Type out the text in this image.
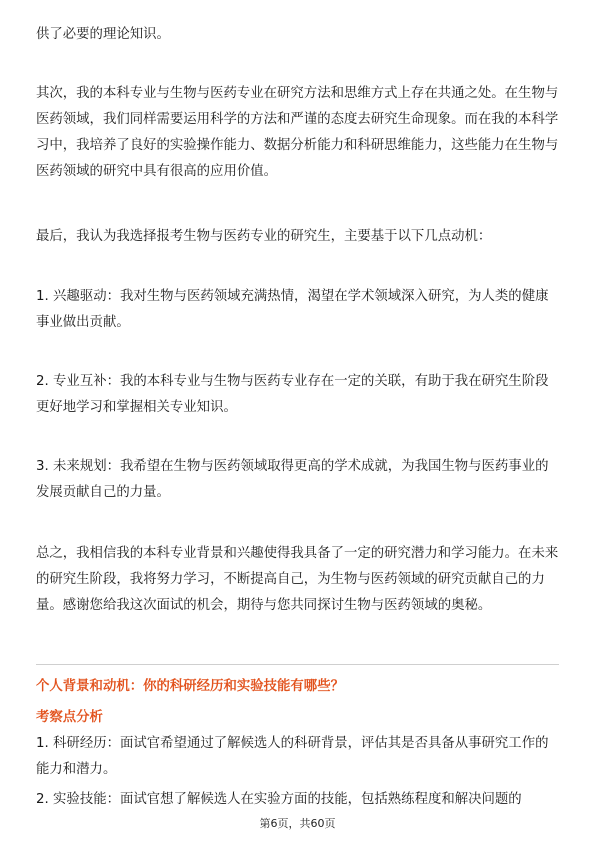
供了必要的理论知识。

其次，我的本科专业与生物与医药专业在研究方法和思维方式上存在共通之处。在生物与医药领域，我们同样需要运用科学的方法和严谨的态度去研究生命现象。而在我的本科学习中，我培养了良好的实验操作能力、数据分析能力和科研思维能力，这些能力在生物与医药领域的研究中具有很高的应用价值。

最后，我认为我选择报考生物与医药专业的研究生，主要基于以下几点动机：

1. 兴趣驱动：我对生物与医药领域充满热情，渴望在学术领域深入研究，为人类的健康事业做出贡献。

2. 专业互补：我的本科专业与生物与医药专业存在一定的关联，有助于我在研究生阶段更好地学习和掌握相关专业知识。

3. 未来规划：我希望在生物与医药领域取得更高的学术成就，为我国生物与医药事业的发展贡献自己的力量。

总之，我相信我的本科专业背景和兴趣使得我具备了一定的研究潜力和学习能力。在未来的研究生阶段，我将努力学习，不断提高自己，为生物与医药领域的研究贡献自己的力量。感谢您给我这次面试的机会，期待与您共同探讨生物与医药领域的奥秘。

个人背景和动机：你的科研经历和实验技能有哪些？

考察点分析

1. 科研经历：面试官希望通过了解候选人的科研背景，评估其是否具备从事研究工作的能力和潜力。

2. 实验技能：面试官想了解候选人在实验方面的技能，包括熟练程度和解决问题的

第6页，共60页
